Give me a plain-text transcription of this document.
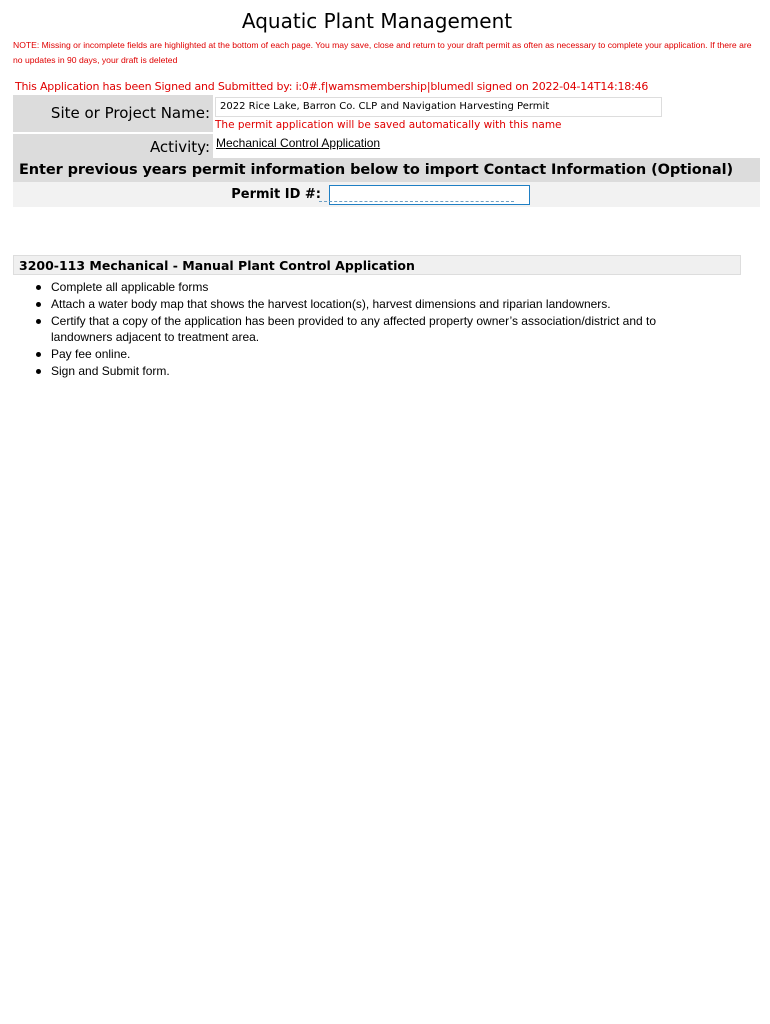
Aquatic Plant Management
NOTE: Missing or incomplete fields are highlighted at the bottom of each page. You may save, close and return to your draft permit as often as necessary to complete your application. If there are no updates in 90 days, your draft is deleted
This Application has been Signed and Submitted by: i:0#.f|wamsmembership|blumedl signed on 2022-04-14T14:18:46
Site or Project Name:	2022 Rice Lake, Barron Co. CLP and Navigation Harvesting Permit
The permit application will be saved automatically with this name
Activity: Mechanical Control Application
Enter previous years permit information below to import Contact Information (Optional)
Permit ID #:
3200-113 Mechanical - Manual Plant Control Application
Complete all applicable forms
Attach a water body map that shows the harvest location(s), harvest dimensions and riparian landowners.
Certify that a copy of the application has been provided to any affected property owner’s association/district and to landowners adjacent to treatment area.
Pay fee online.
Sign and Submit form.
